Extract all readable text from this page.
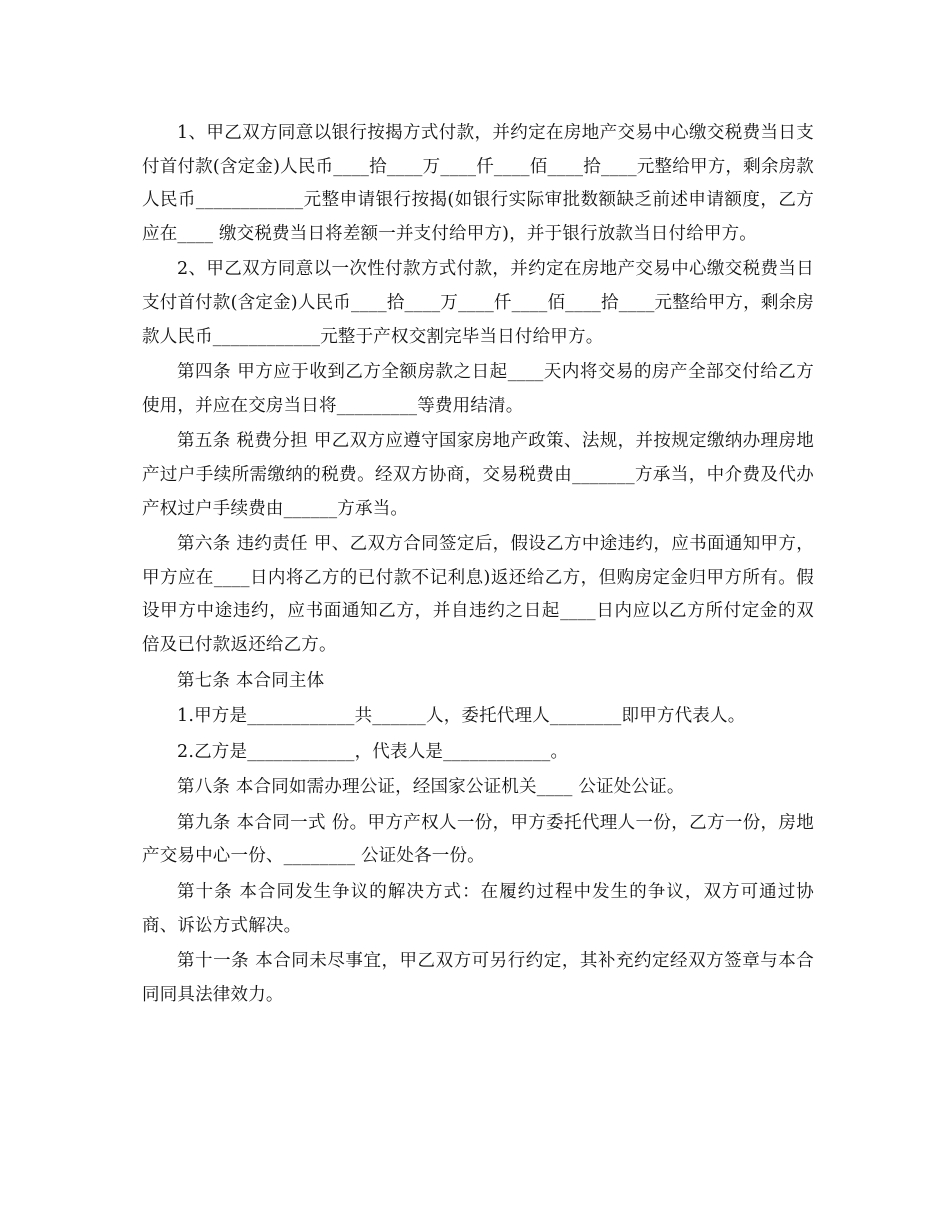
1、甲乙双方同意以银行按揭方式付款，并约定在房地产交易中心缴交税费当日支付首付款(含定金)人民币____拾____万____仟____佰____拾____元整给甲方，剩余房款人民币____________元整申请银行按揭(如银行实际审批数额缺乏前述申请额度，乙方应在____ 缴交税费当日将差额一并支付给甲方)，并于银行放款当日付给甲方。

2、甲乙双方同意以一次性付款方式付款，并约定在房地产交易中心缴交税费当日支付首付款(含定金)人民币____拾____万____仟____佰____拾____元整给甲方，剩余房款人民币____________元整于产权交割完毕当日付给甲方。

第四条 甲方应于收到乙方全额房款之日起____天内将交易的房产全部交付给乙方使用，并应在交房当日将_________等费用结清。

第五条 税费分担 甲乙双方应遵守国家房地产政策、法规，并按规定缴纳办理房地产过户手续所需缴纳的税费。经双方协商，交易税费由_______方承当，中介费及代办产权过户手续费由______方承当。

第六条 违约责任 甲、乙双方合同签定后，假设乙方中途违约，应书面通知甲方，甲方应在____日内将乙方的已付款不记利息)返还给乙方，但购房定金归甲方所有。假设甲方中途违约，应书面通知乙方，并自违约之日起____日内应以乙方所付定金的双倍及已付款返还给乙方。

第七条 本合同主体

1.甲方是____________共______人，委托代理人________即甲方代表人。

2.乙方是____________，代表人是____________。

第八条 本合同如需办理公证，经国家公证机关____ 公证处公证。

第九条 本合同一式 份。甲方产权人一份，甲方委托代理人一份，乙方一份，房地产交易中心一份、________ 公证处各一份。

第十条 本合同发生争议的解决方式：在履约过程中发生的争议，双方可通过协商、诉讼方式解决。

第十一条 本合同未尽事宜，甲乙双方可另行约定，其补充约定经双方签章与本合同同具法律效力。
